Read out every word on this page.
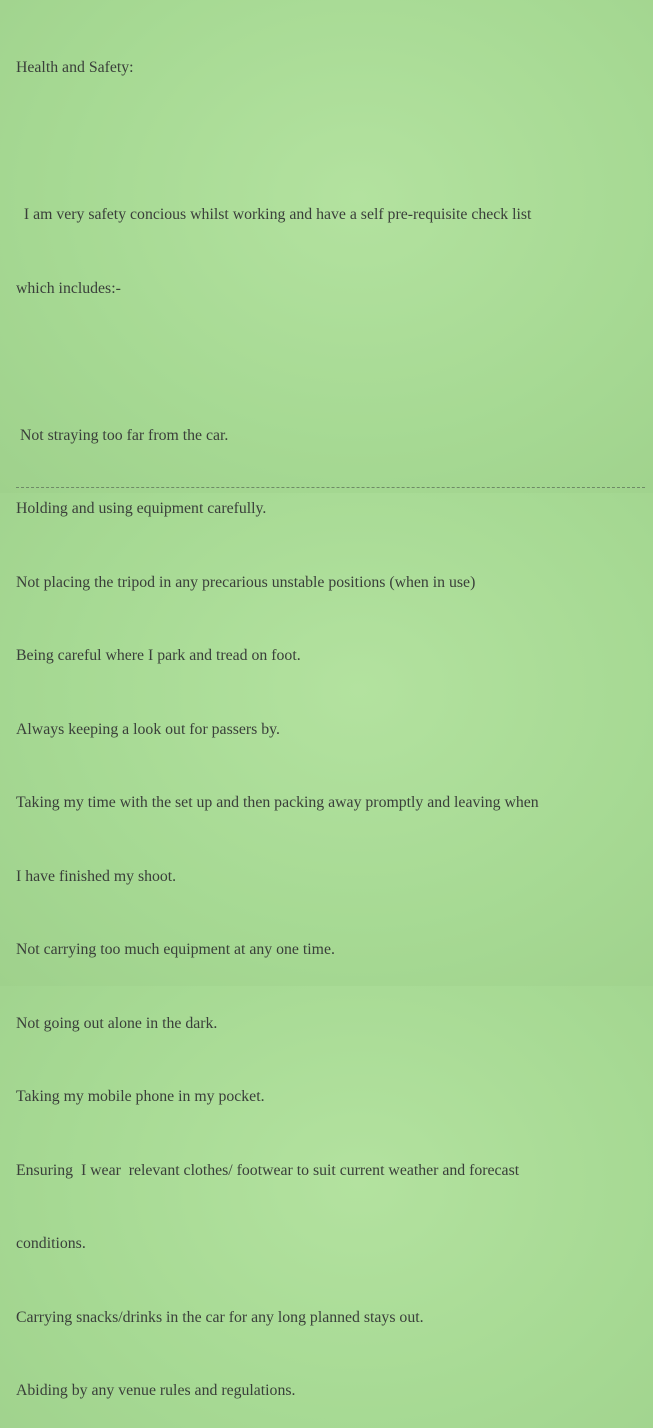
Health and Safety:

I am very safety concious whilst working and have a self pre-requisite check list

which includes:-

Not straying too far from the car.

Holding and using equipment carefully.

Not placing the tripod in any precarious unstable positions (when in use)

Being careful where I park and tread on foot.

Always keeping a look out for passers by.

Taking my time with the set up and then packing away promptly and leaving when

I have finished my shoot.

Not carrying too much equipment at any one time.

Not going out alone in the dark.

Taking my mobile phone in my pocket.

Ensuring  I wear  relevant clothes/ footwear to suit current weather and forecast

conditions.

Carrying snacks/drinks in the car for any long planned stays out.

Abiding by any venue rules and regulations.
